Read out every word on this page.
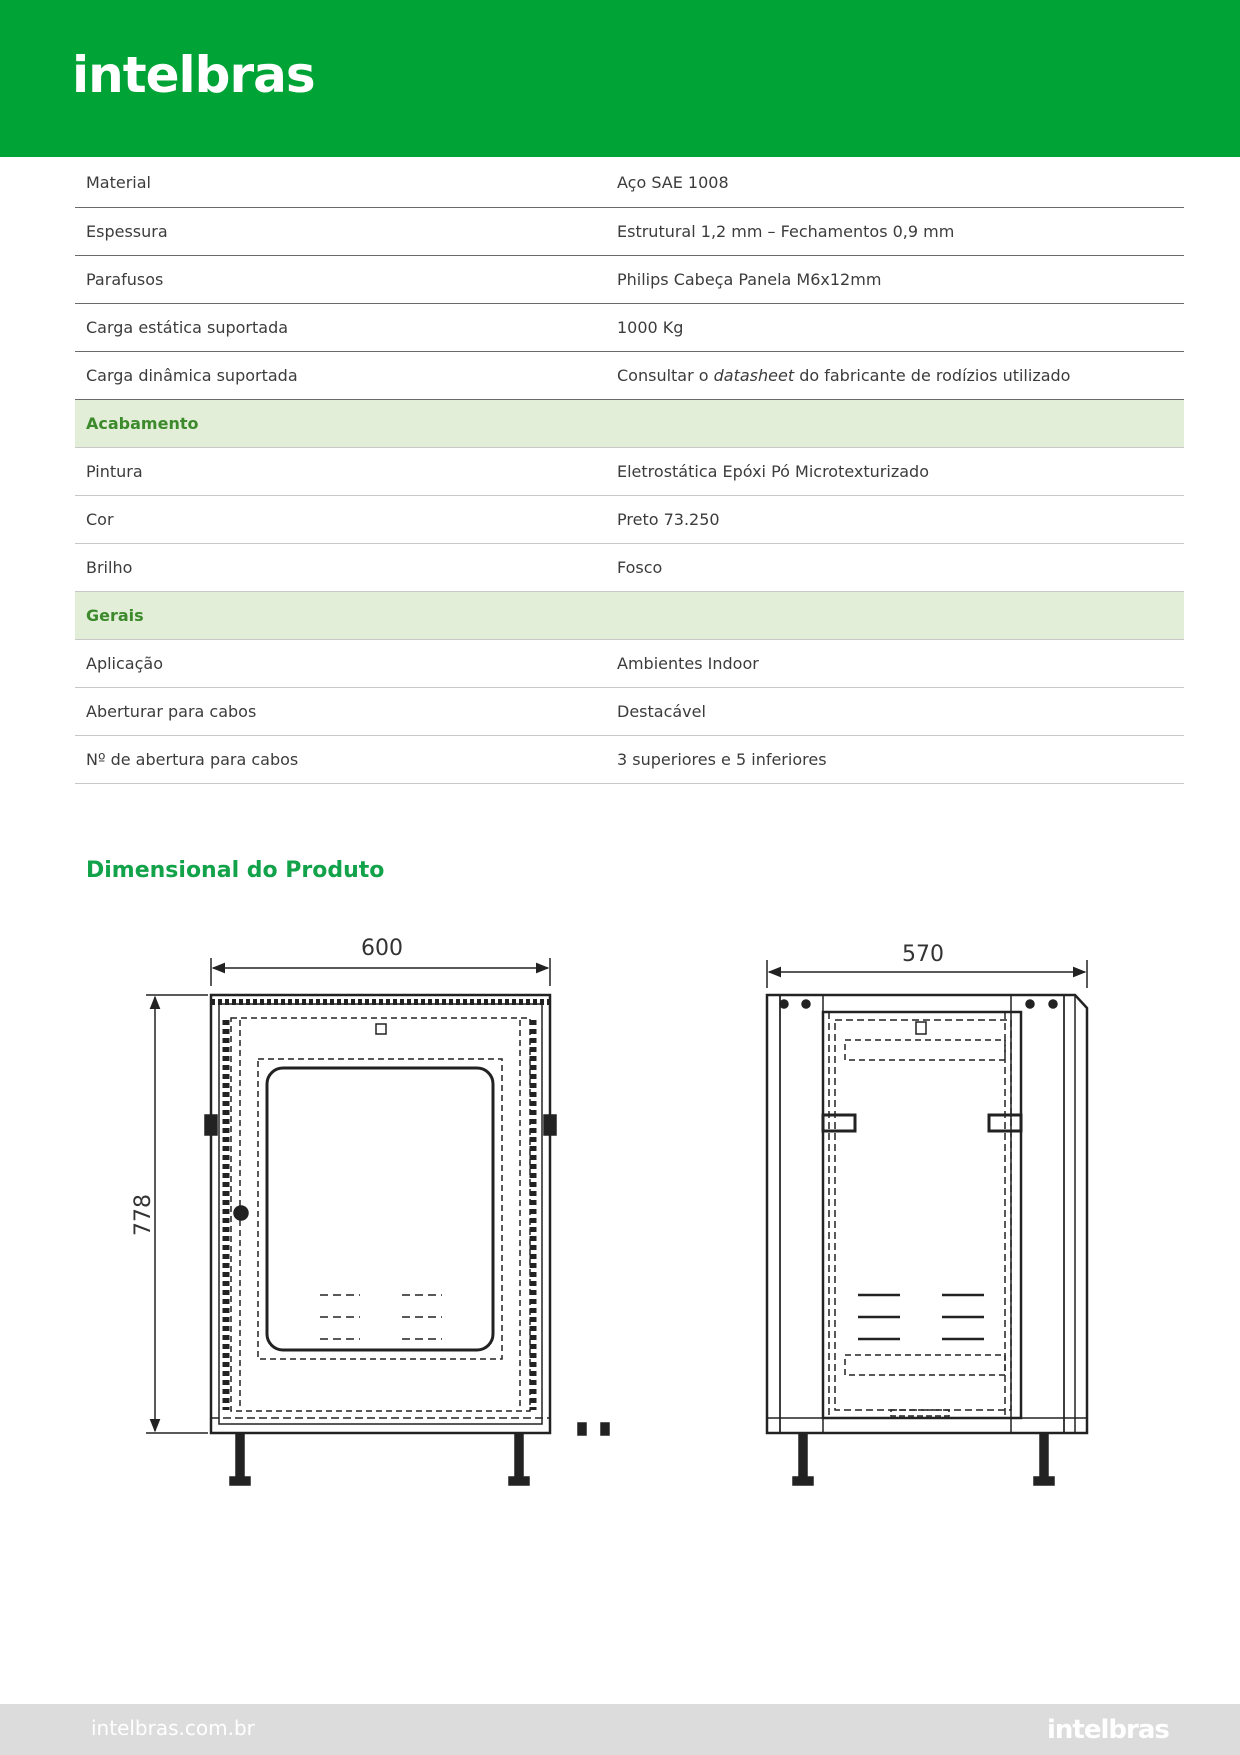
intelbras
Material	Aço SAE 1008
Espessura	Estrutural 1,2 mm – Fechamentos 0,9 mm
Parafusos	Philips Cabeça Panela M6x12mm
Carga estática suportada	1000 Kg
Carga dinâmica suportada	Consultar o datasheet do fabricante de rodízios utilizado
Acabamento	
Pintura	Eletrostática Epóxi Pó Microtexturizado
Cor	Preto 73.250
Brilho	Fosco
Gerais	
Aplicação	Ambientes Indoor
Aberturar para cabos	Destacável
Nº de abertura para cabos	3 superiores e 5 inferiores
Dimensional do Produto
600
778
570
intelbras.com.br	intelbras
